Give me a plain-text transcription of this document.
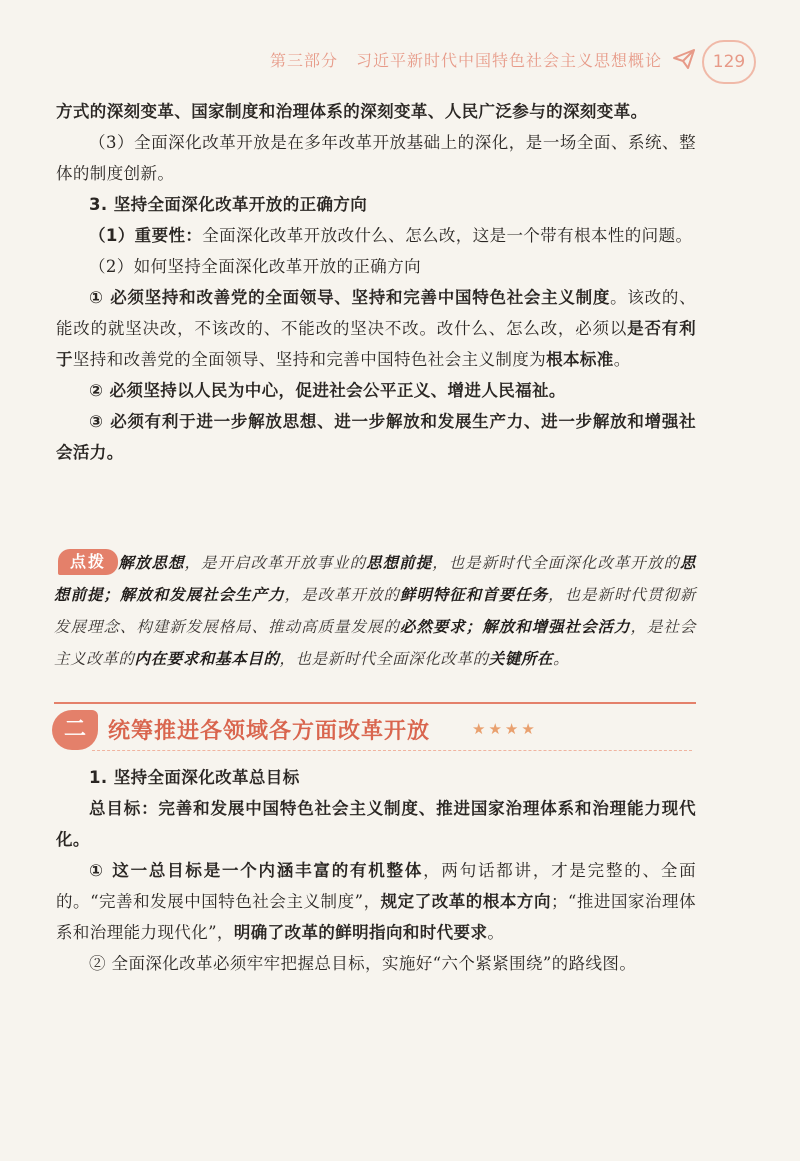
第三部分 习近平新时代中国特色社会主义思想概论	129

方式的深刻变革、国家制度和治理体系的深刻变革、人民广泛参与的深刻变革。

（3）全面深化改革开放是在多年改革开放基础上的深化，是一场全面、系统、整体的制度创新。

3. 坚持全面深化改革开放的正确方向

（1）重要性：全面深化改革开放改什么、怎么改，这是一个带有根本性的问题。

（2）如何坚持全面深化改革开放的正确方向

① 必须坚持和改善党的全面领导、坚持和完善中国特色社会主义制度。该改的、能改的就坚决改，不该改的、不能改的坚决不改。改什么、怎么改，必须以是否有利于坚持和改善党的全面领导、坚持和完善中国特色社会主义制度为根本标准。

② 必须坚持以人民为中心，促进社会公平正义、增进人民福祉。

③ 必须有利于进一步解放思想、进一步解放和发展生产力、进一步解放和增强社会活力。

解放思想，是开启改革开放事业的思想前提，也是新时代全面深化改革开放的思想前提；解放和发展社会生产力，是改革开放的鲜明特征和首要任务，也是新时代贯彻新发展理念、构建新发展格局、推动高质量发展的必然要求；解放和增强社会活力，是社会主义改革的内在要求和基本目的，也是新时代全面深化改革的关键所在。

点拨
二	统筹推进各领域各方面改革开放	★★★★

1. 坚持全面深化改革总目标

总目标：完善和发展中国特色社会主义制度、推进国家治理体系和治理能力现代化。

① 这一总目标是一个内涵丰富的有机整体，两句话都讲，才是完整的、全面的。“完善和发展中国特色社会主义制度”，规定了改革的根本方向；“推进国家治理体系和治理能力现代化”，明确了改革的鲜明指向和时代要求。

② 全面深化改革必须牢牢把握总目标，实施好“六个紧紧围绕”的路线图。
